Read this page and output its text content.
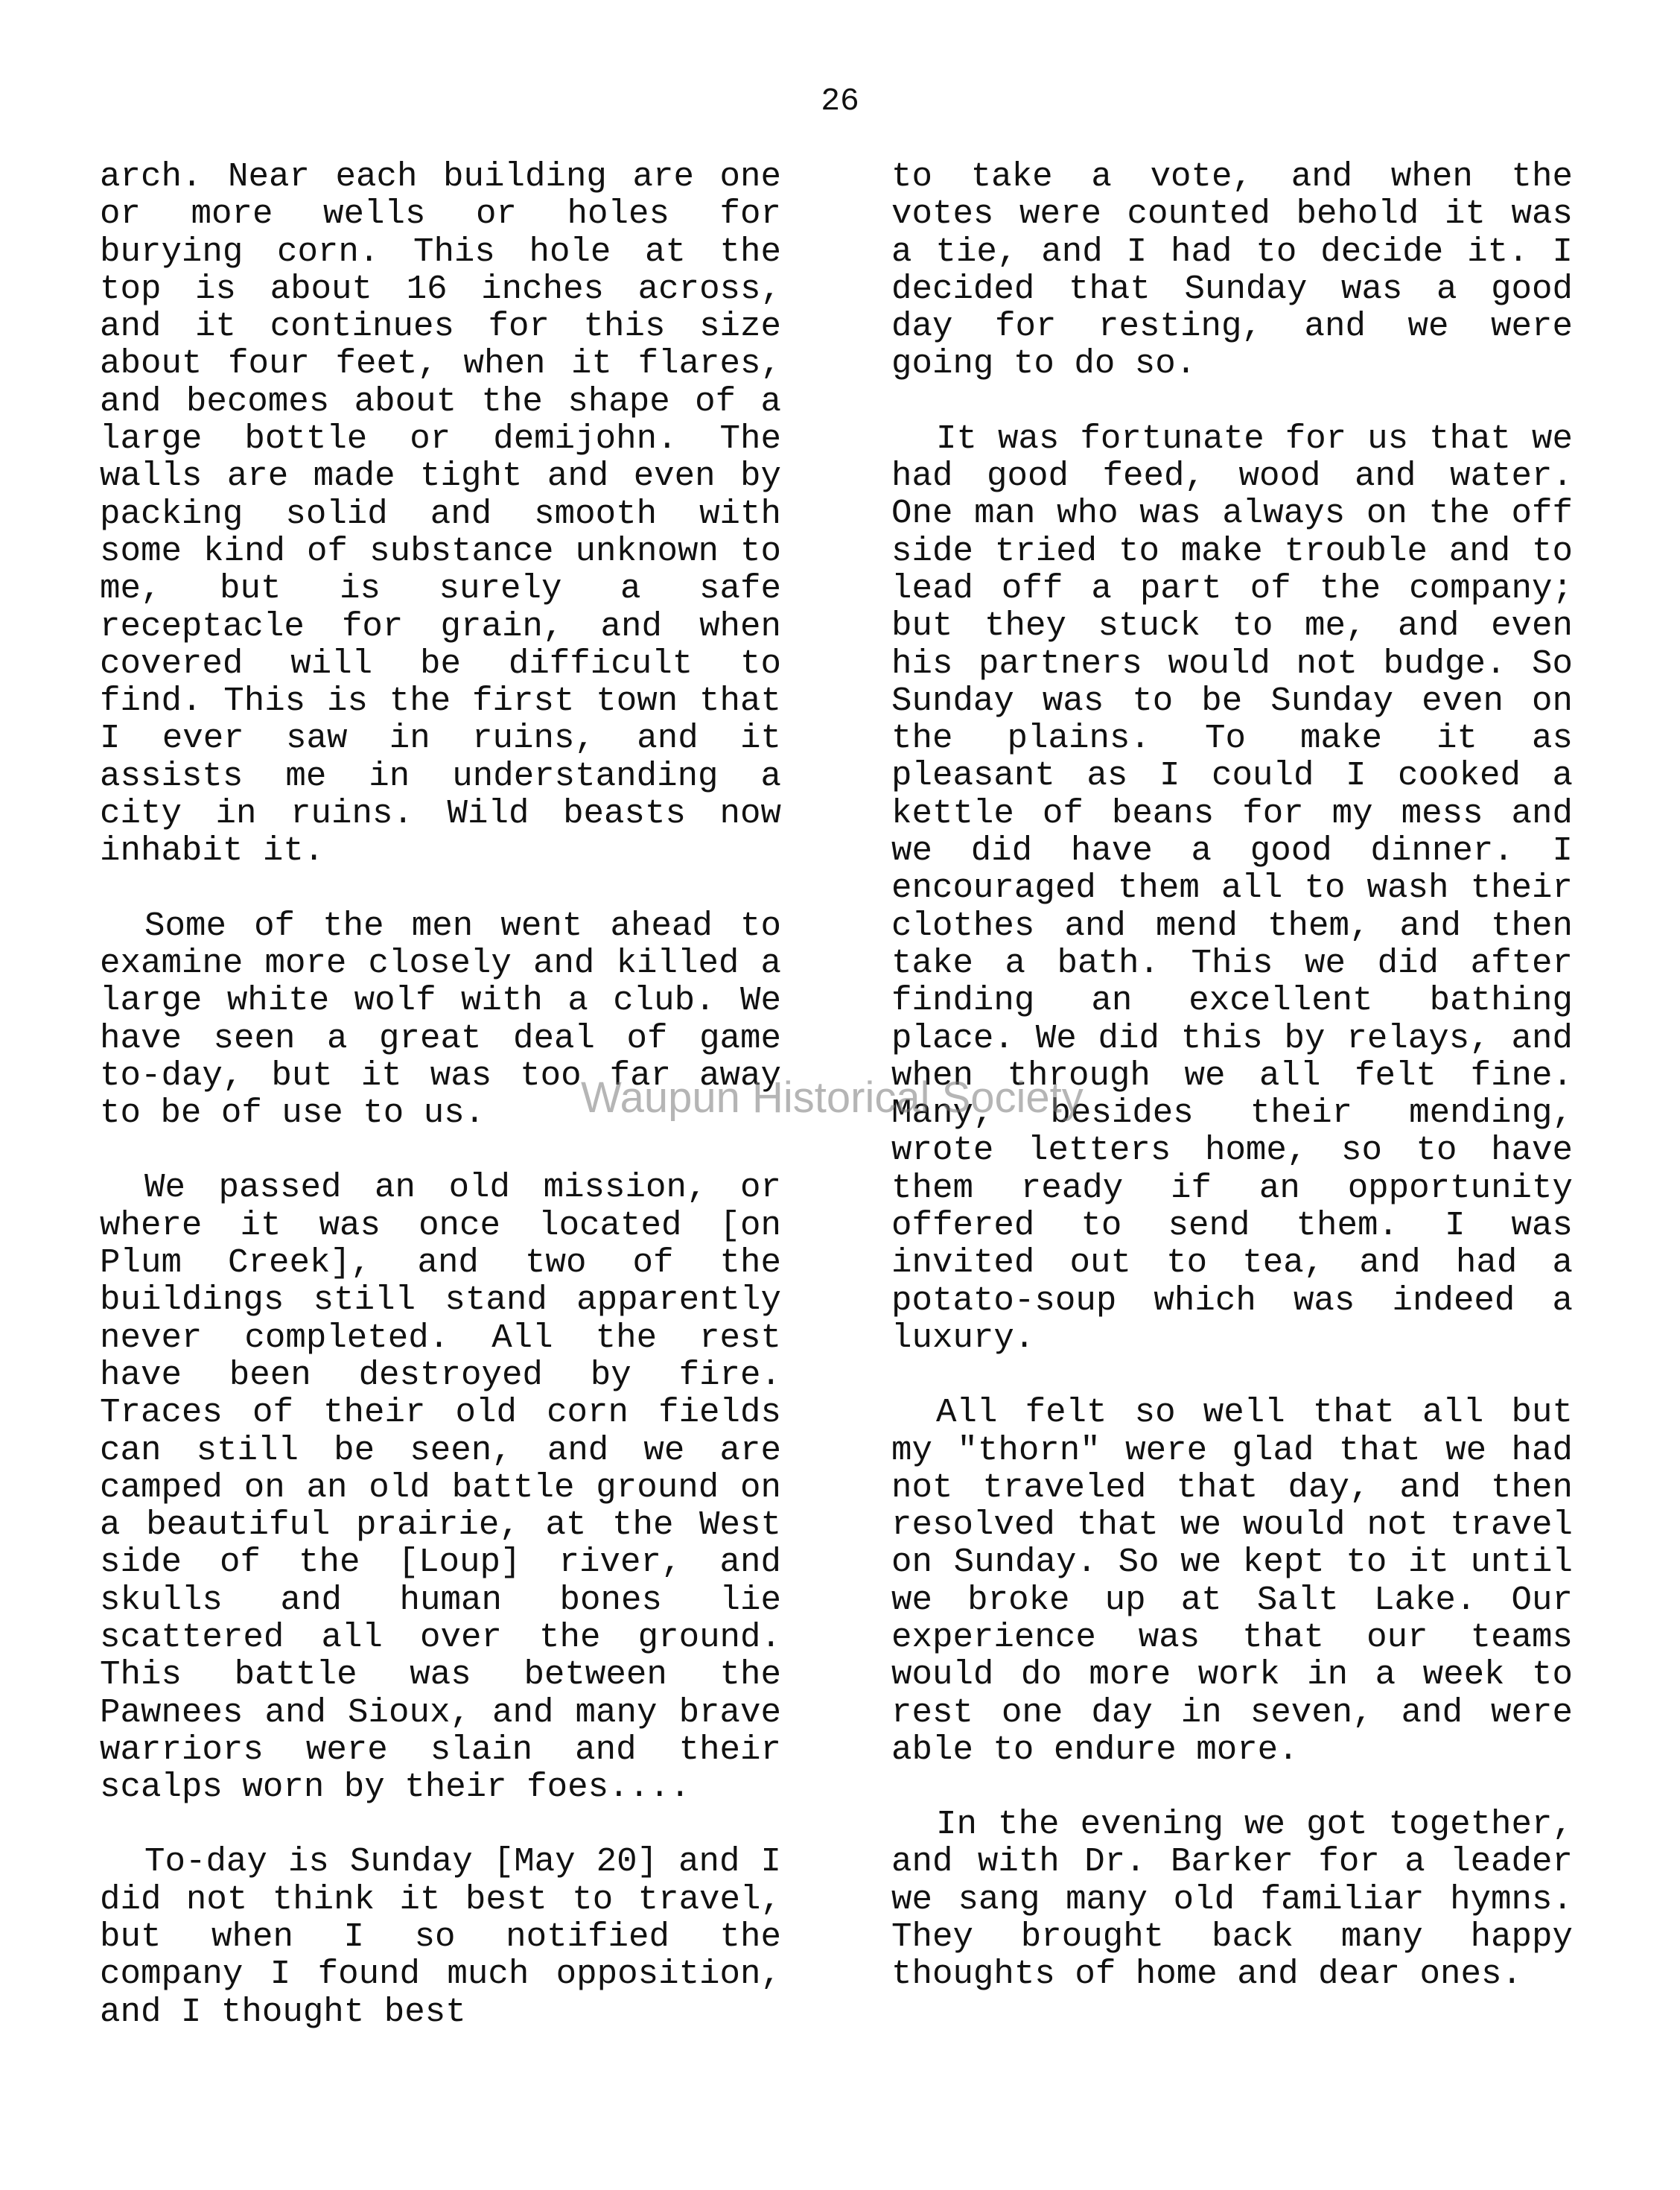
26

arch. Near each building are one or more wells or holes for burying corn. This hole at the top is about 16 inches across, and it continues for this size about four feet, when it flares, and becomes about the shape of a large bottle or demijohn. The walls are made tight and even by packing solid and smooth with some kind of substance unknown to me, but is surely a safe receptacle for grain, and when covered will be difficult to find. This is the first town that I ever saw in ruins, and it assists me in understanding a city in ruins. Wild beasts now inhabit it.

Some of the men went ahead to examine more closely and killed a large white wolf with a club. We have seen a great deal of game to-day, but it was too far away to be of use to us.

We passed an old mission, or where it was once located [on Plum Creek], and two of the buildings still stand apparently never completed. All the rest have been destroyed by fire. Traces of their old corn fields can still be seen, and we are camped on an old battle ground on a beautiful prairie, at the West side of the [Loup] river, and skulls and human bones lie scattered all over the ground. This battle was between the Pawnees and Sioux, and many brave warriors were slain and their scalps worn by their foes....

To-day is Sunday [May 20] and I did not think it best to travel, but when I so notified the company I found much opposition, and I thought best

to take a vote, and when the votes were counted behold it was a tie, and I had to decide it. I decided that Sunday was a good day for resting, and we were going to do so.

It was fortunate for us that we had good feed, wood and water. One man who was always on the off side tried to make trouble and to lead off a part of the company; but they stuck to me, and even his partners would not budge. So Sunday was to be Sunday even on the plains. To make it as pleasant as I could I cooked a kettle of beans for my mess and we did have a good dinner. I encouraged them all to wash their clothes and mend them, and then take a bath. This we did after finding an excellent bathing place. We did this by relays, and when through we all felt fine. Many, besides their mending, wrote letters home, so to have them ready if an opportunity offered to send them. I was invited out to tea, and had a potato-soup which was indeed a luxury.

All felt so well that all but my "thorn" were glad that we had not traveled that day, and then resolved that we would not travel on Sunday. So we kept to it until we broke up at Salt Lake. Our experience was that our teams would do more work in a week to rest one day in seven, and were able to endure more.

In the evening we got together, and with Dr. Barker for a leader we sang many old familiar hymns. They brought back many happy thoughts of home and dear ones.

Waupun Historical Society
